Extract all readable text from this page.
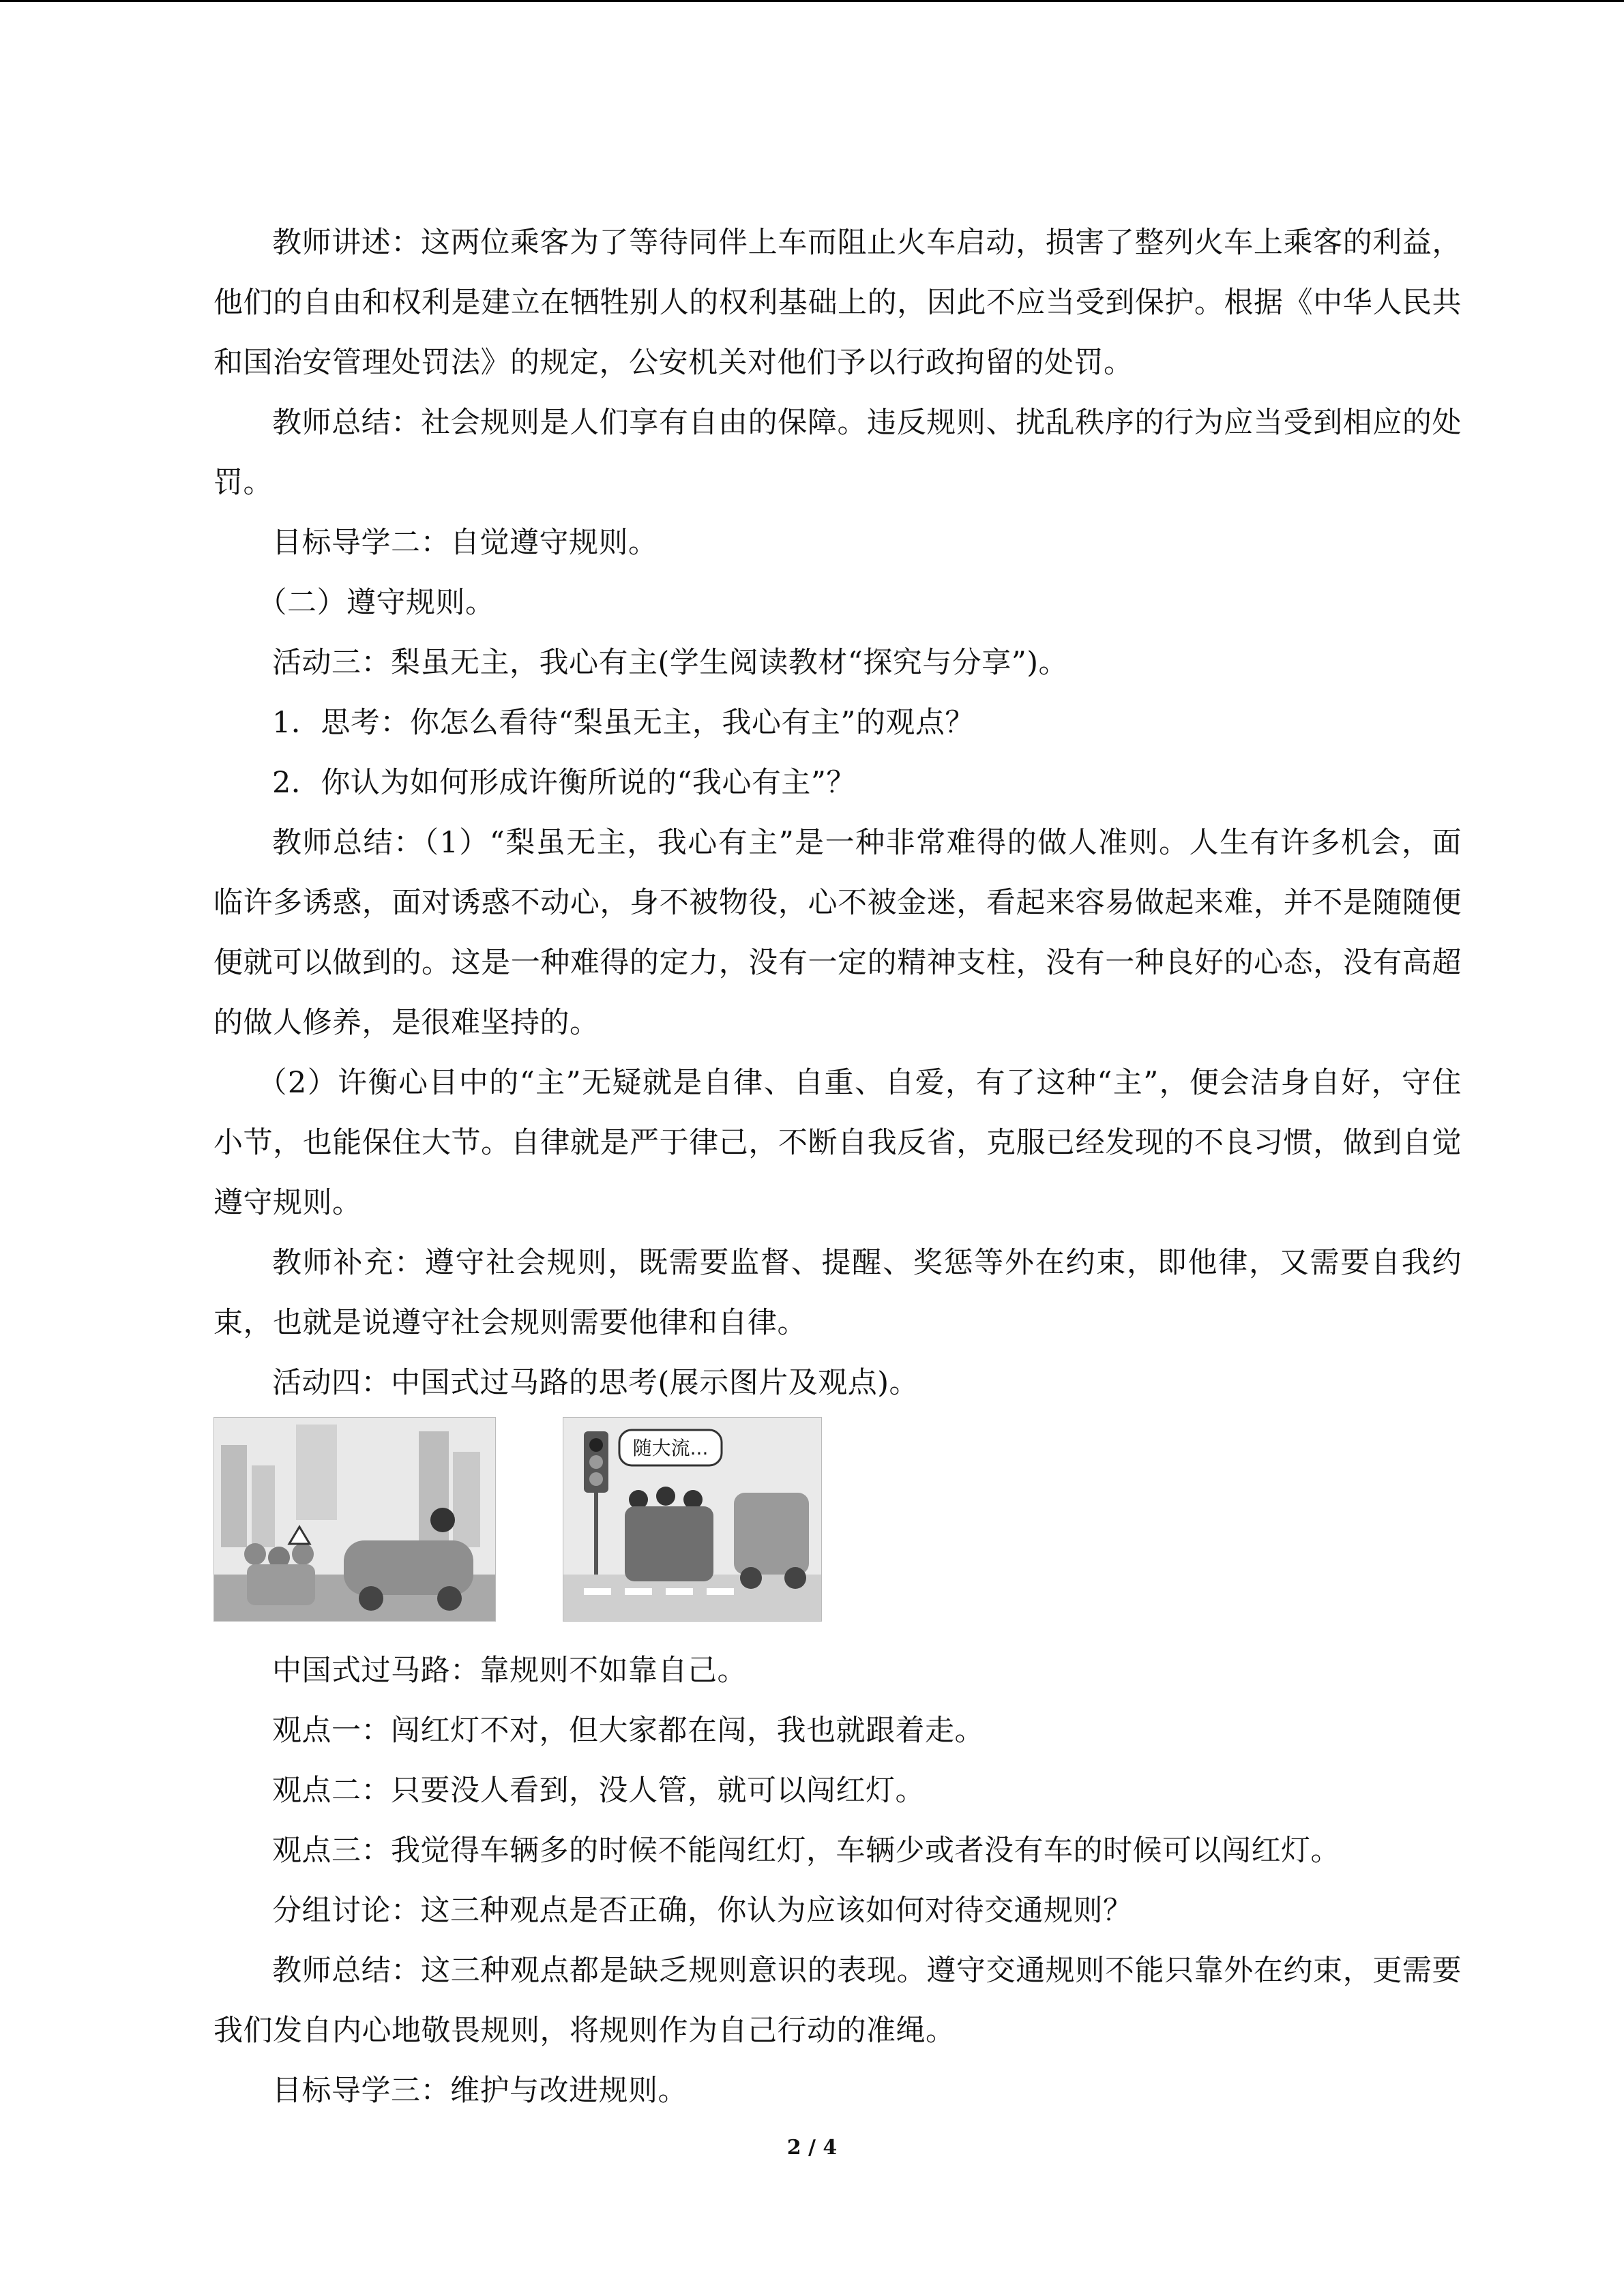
教师讲述：这两位乘客为了等待同伴上车而阻止火车启动，损害了整列火车上乘客的利益，他们的自由和权利是建立在牺牲别人的权利基础上的，因此不应当受到保护。根据《中华人民共和国治安管理处罚法》的规定，公安机关对他们予以行政拘留的处罚。

教师总结：社会规则是人们享有自由的保障。违反规则、扰乱秩序的行为应当受到相应的处罚。

目标导学二：自觉遵守规则。

（二）遵守规则。

活动三：梨虽无主，我心有主(学生阅读教材“探究与分享”)。

1．思考：你怎么看待“梨虽无主，我心有主”的观点？

2．你认为如何形成许衡所说的“我心有主”？

教师总结：（1）“梨虽无主，我心有主”是一种非常难得的做人准则。人生有许多机会，面临许多诱惑，面对诱惑不动心，身不被物役，心不被金迷，看起来容易做起来难，并不是随随便便就可以做到的。这是一种难得的定力，没有一定的精神支柱，没有一种良好的心态，没有高超的做人修养，是很难坚持的。

（2）许衡心目中的“主”无疑就是自律、自重、自爱，有了这种“主”，便会洁身自好，守住小节，也能保住大节。自律就是严于律己，不断自我反省，克服已经发现的不良习惯，做到自觉遵守规则。

教师补充：遵守社会规则，既需要监督、提醒、奖惩等外在约束，即他律，又需要自我约束，也就是说遵守社会规则需要他律和自律。

活动四：中国式过马路的思考(展示图片及观点)。

随大流...

中国式过马路：靠规则不如靠自己。

观点一：闯红灯不对，但大家都在闯，我也就跟着走。

观点二：只要没人看到，没人管，就可以闯红灯。

观点三：我觉得车辆多的时候不能闯红灯，车辆少或者没有车的时候可以闯红灯。

分组讨论：这三种观点是否正确，你认为应该如何对待交通规则？

教师总结：这三种观点都是缺乏规则意识的表现。遵守交通规则不能只靠外在约束，更需要我们发自内心地敬畏规则，将规则作为自己行动的准绳。

目标导学三：维护与改进规则。

2 / 4
